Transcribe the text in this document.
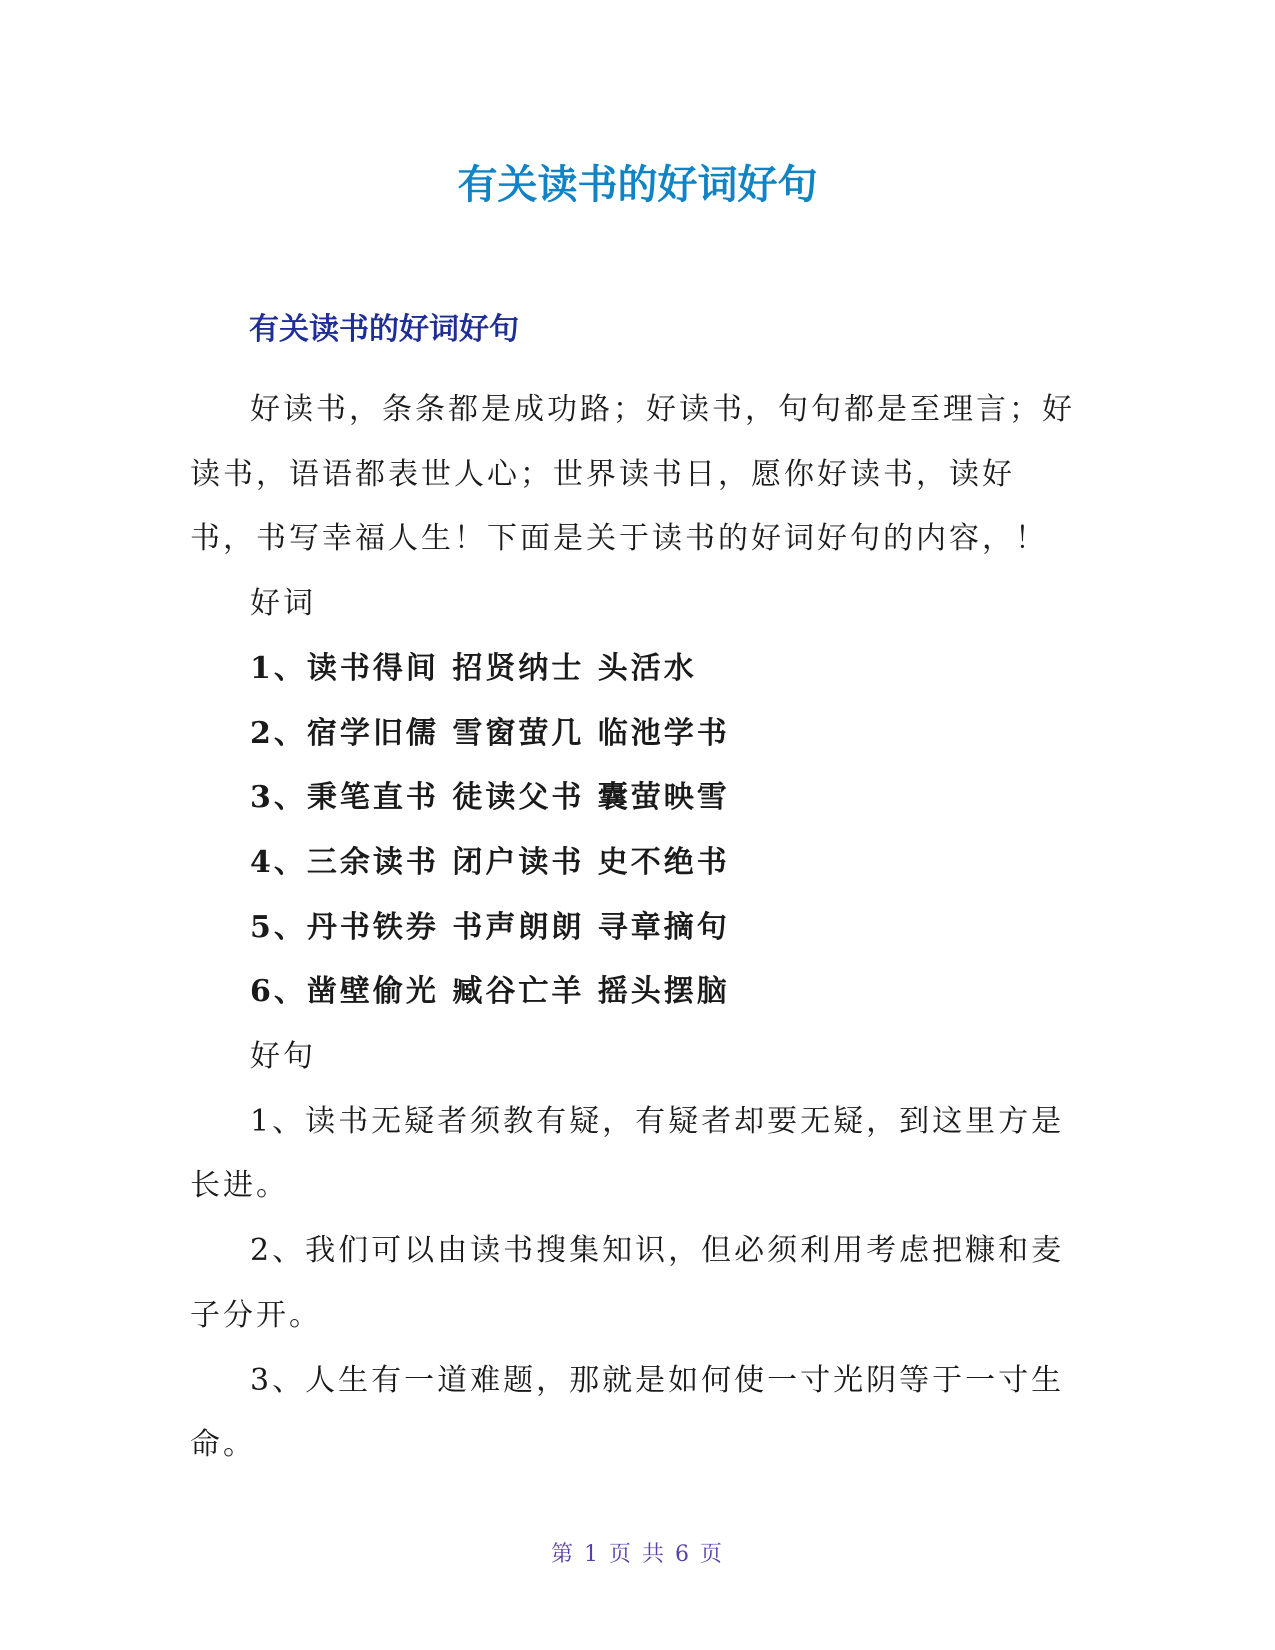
有关读书的好词好句
有关读书的好词好句

好读书，条条都是成功路；好读书，句句都是至理言；好读书，语语都表世人心；世界读书日，愿你好读书，读好书，书写幸福人生！下面是关于读书的好词好句的内容，！

好词

1、读书得间 招贤纳士 头活水

2、宿学旧儒 雪窗萤几 临池学书

3、秉笔直书 徒读父书 囊萤映雪

4、三余读书 闭户读书 史不绝书

5、丹书铁券 书声朗朗 寻章摘句

6、凿壁偷光 臧谷亡羊 摇头摆脑

好句

1、读书无疑者须教有疑，有疑者却要无疑，到这里方是长进。

2、我们可以由读书搜集知识，但必须利用考虑把糠和麦子分开。

3、人生有一道难题，那就是如何使一寸光阴等于一寸生命。

第 1 页 共 6 页
